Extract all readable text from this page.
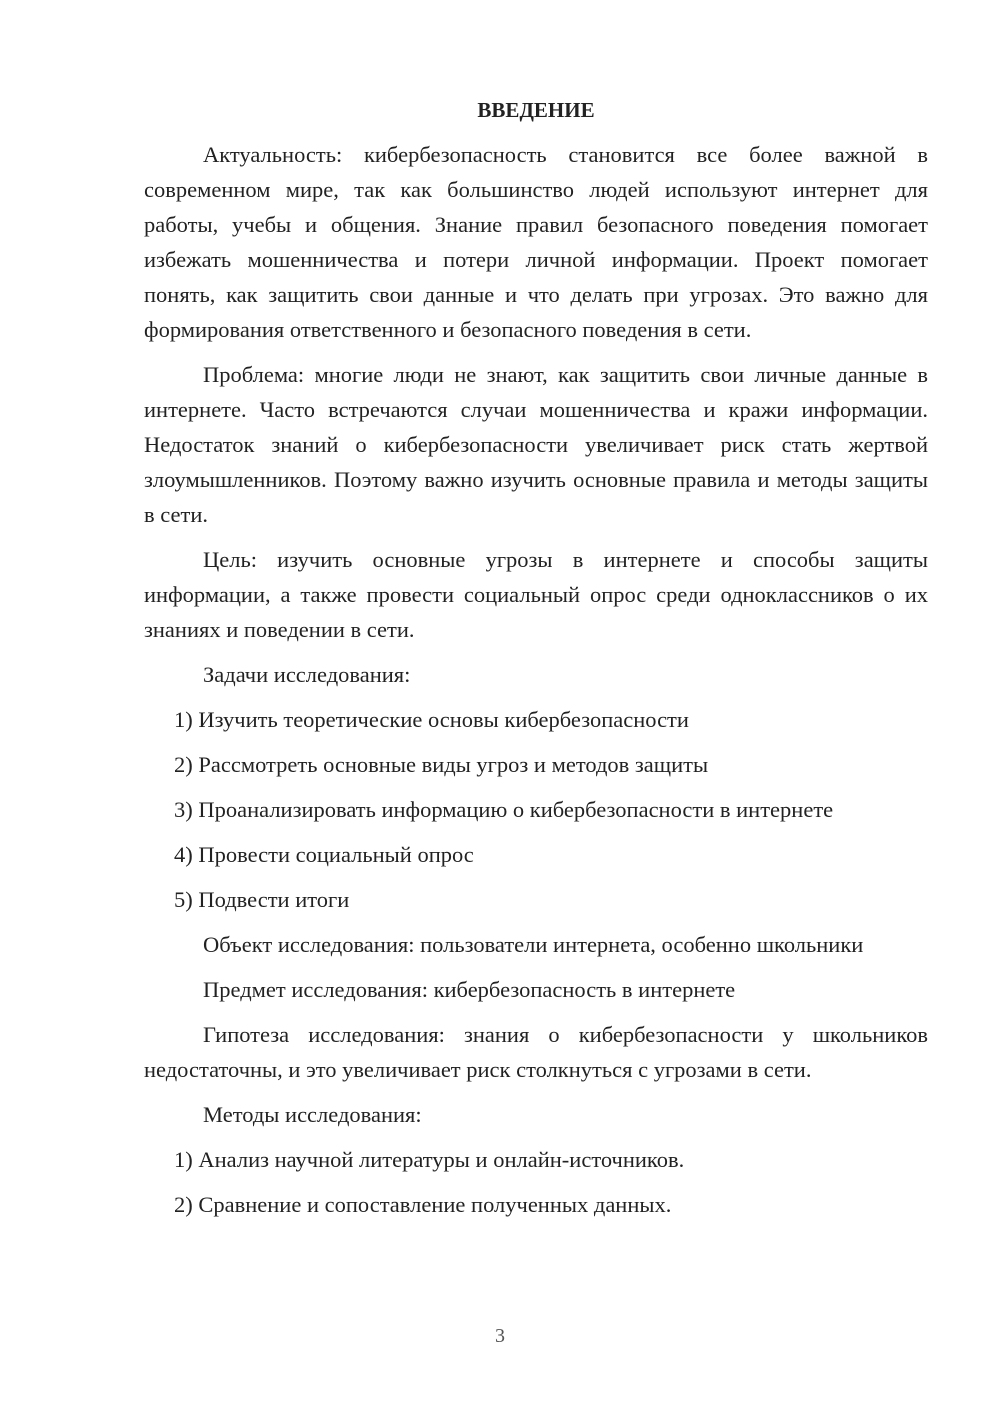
ВВЕДЕНИЕ

Актуальность: кибербезопасность становится все более важной в современном мире, так как большинство людей используют интернет для работы, учебы и общения. Знание правил безопасного поведения помогает избежать мошенничества и потери личной информации. Проект помогает понять, как защитить свои данные и что делать при угрозах. Это важно для формирования ответственного и безопасного поведения в сети.

Проблема: многие люди не знают, как защитить свои личные данные в интернете. Часто встречаются случаи мошенничества и кражи информации. Недостаток знаний о кибербезопасности увеличивает риск стать жертвой злоумышленников. Поэтому важно изучить основные правила и методы защиты в сети.

Цель: изучить основные угрозы в интернете и способы защиты информации, а также провести социальный опрос среди одноклассников о их знаниях и поведении в сети.

Задачи исследования:

1) Изучить теоретические основы кибербезопасности
2) Рассмотреть основные виды угроз и методов защиты
3) Проанализировать информацию о кибербезопасности в интернете
4) Провести социальный опрос
5) Подвести итоги

Объект исследования: пользователи интернета, особенно школьники

Предмет исследования: кибербезопасность в интернете

Гипотеза исследования: знания о кибербезопасности у школьников недостаточны, и это увеличивает риск столкнуться с угрозами в сети.

Методы исследования:

1) Анализ научной литературы и онлайн-источников.
2) Сравнение и сопоставление полученных данных.
3
